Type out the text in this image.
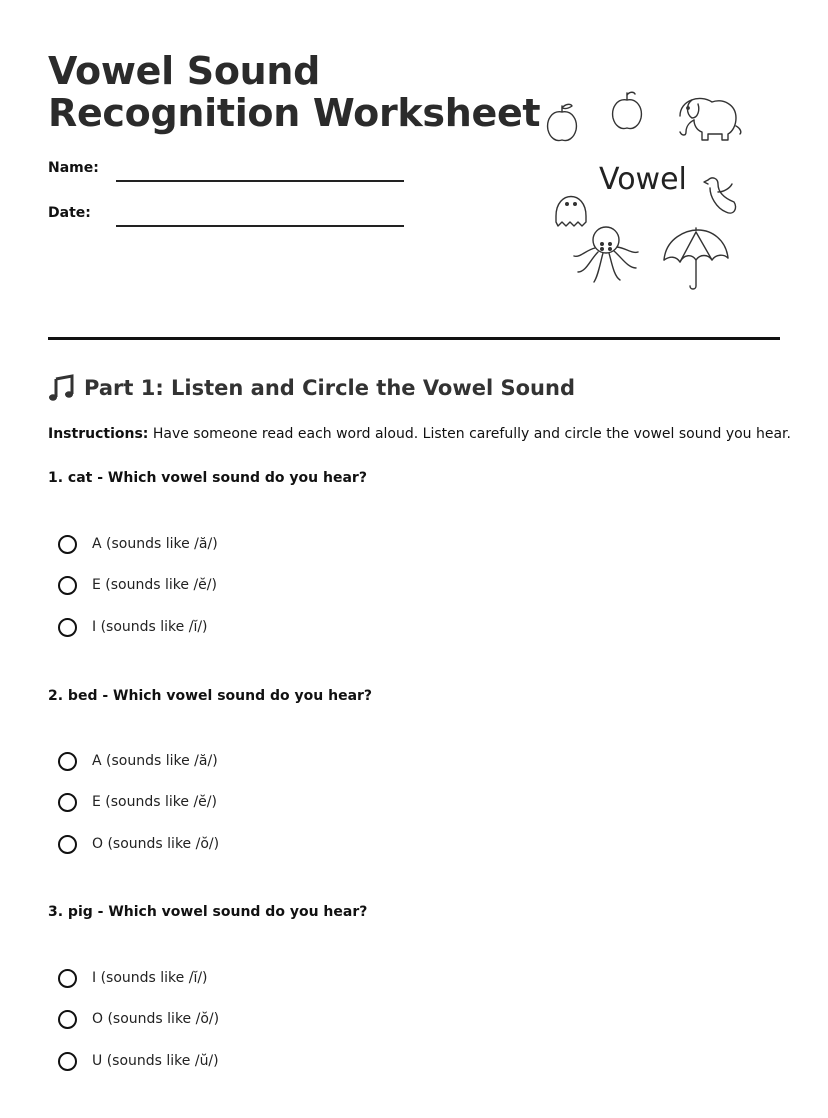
Vowel Sound
Recognition Worksheet
Name:
Date:
Vowel
Part 1: Listen and Circle the Vowel Sound
Instructions: Have someone read each word aloud. Listen carefully and circle the vowel sound you hear.
1. cat - Which vowel sound do you hear?
A (sounds like /ă/)
E (sounds like /ĕ/)
I (sounds like /ĭ/)
2. bed - Which vowel sound do you hear?
A (sounds like /ă/)
E (sounds like /ĕ/)
O (sounds like /ŏ/)
3. pig - Which vowel sound do you hear?
I (sounds like /ĭ/)
O (sounds like /ŏ/)
U (sounds like /ŭ/)
